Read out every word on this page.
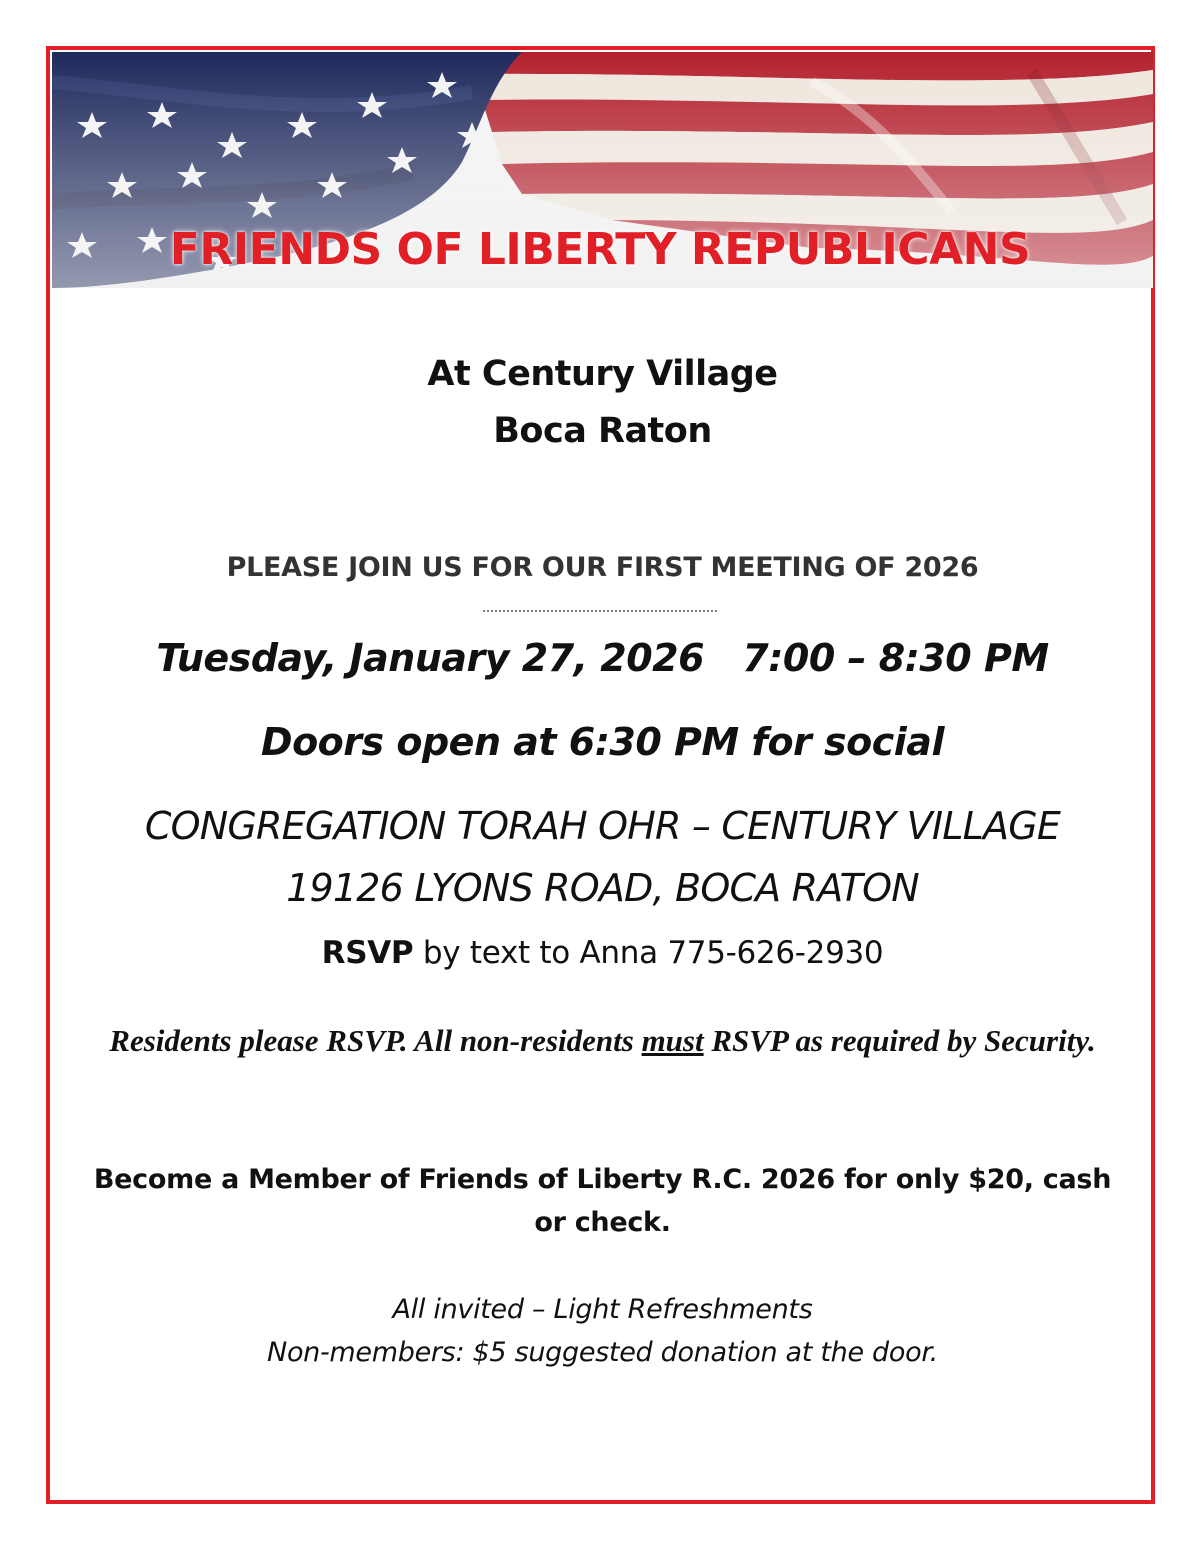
FRIENDS OF LIBERTY REPUBLICANS
At Century Village
Boca Raton
PLEASE JOIN US FOR OUR FIRST MEETING OF 2026
Tuesday, January 27, 2026   7:00 – 8:30 PM
Doors open at 6:30 PM for social
CONGREGATION TORAH OHR – CENTURY VILLAGE
19126 LYONS ROAD, BOCA RATON
RSVP by text to Anna 775-626-2930
Residents please RSVP. All non-residents must RSVP as required by Security.
Become a Member of Friends of Liberty R.C. 2026 for only $20, cash or check.
All invited – Light Refreshments
Non-members: $5 suggested donation at the door.
